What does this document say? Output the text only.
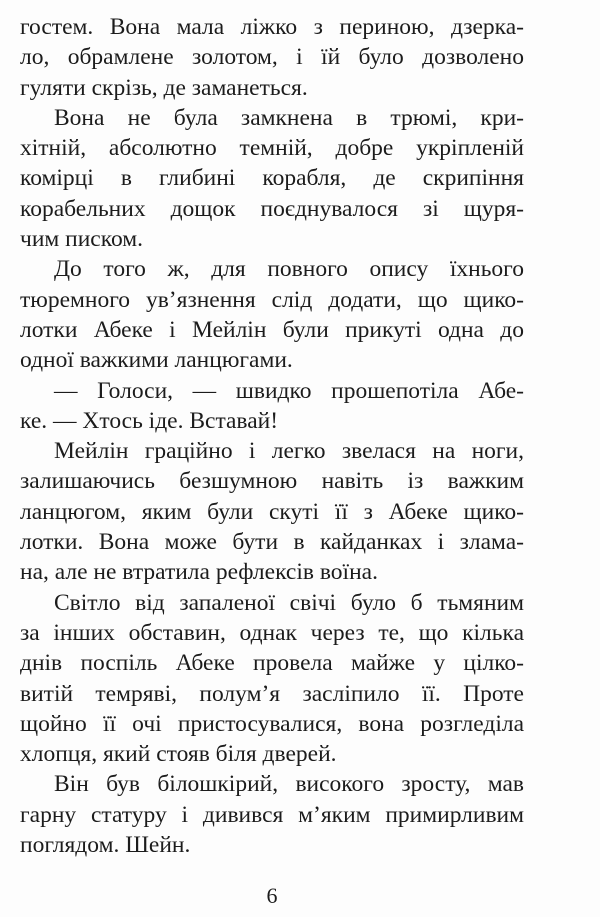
гостем. Вона мала ліжко з периною, дзерка-
ло, обрамлене золотом, і їй було дозволено
гуляти скрізь, де заманеться.
Вона не була замкнена в трюмі, кри-
хітній, абсолютно темній, добре укріпленій
комірці в глибині корабля, де скрипіння
корабельних дощок поєднувалося зі щуря-
чим писком.
До того ж, для повного опису їхнього
тюремного ув’язнення слід додати, що щико-
лотки Абеке і Мейлін були прикуті одна до
одної важкими ланцюгами.
— Голоси, — швидко прошепотіла Абе-
ке. — Хтось іде. Вставай!
Мейлін граційно і легко звелася на ноги,
залишаючись безшумною навіть із важким
ланцюгом, яким були скуті її з Абеке щико-
лотки. Вона може бути в кайданках і злама-
на, але не втратила рефлексів воїна.
Світло від запаленої свічі було б тьмяним
за інших обставин, однак через те, що кілька
днів поспіль Абеке провела майже у цілко-
витій темряві, полум’я засліпило її. Проте
щойно її очі пристосувалися, вона розгледіла
хлопця, який стояв біля дверей.
Він був білошкірий, високого зросту, мав
гарну статуру і дивився м’яким примирливим
поглядом. Шейн.
6
